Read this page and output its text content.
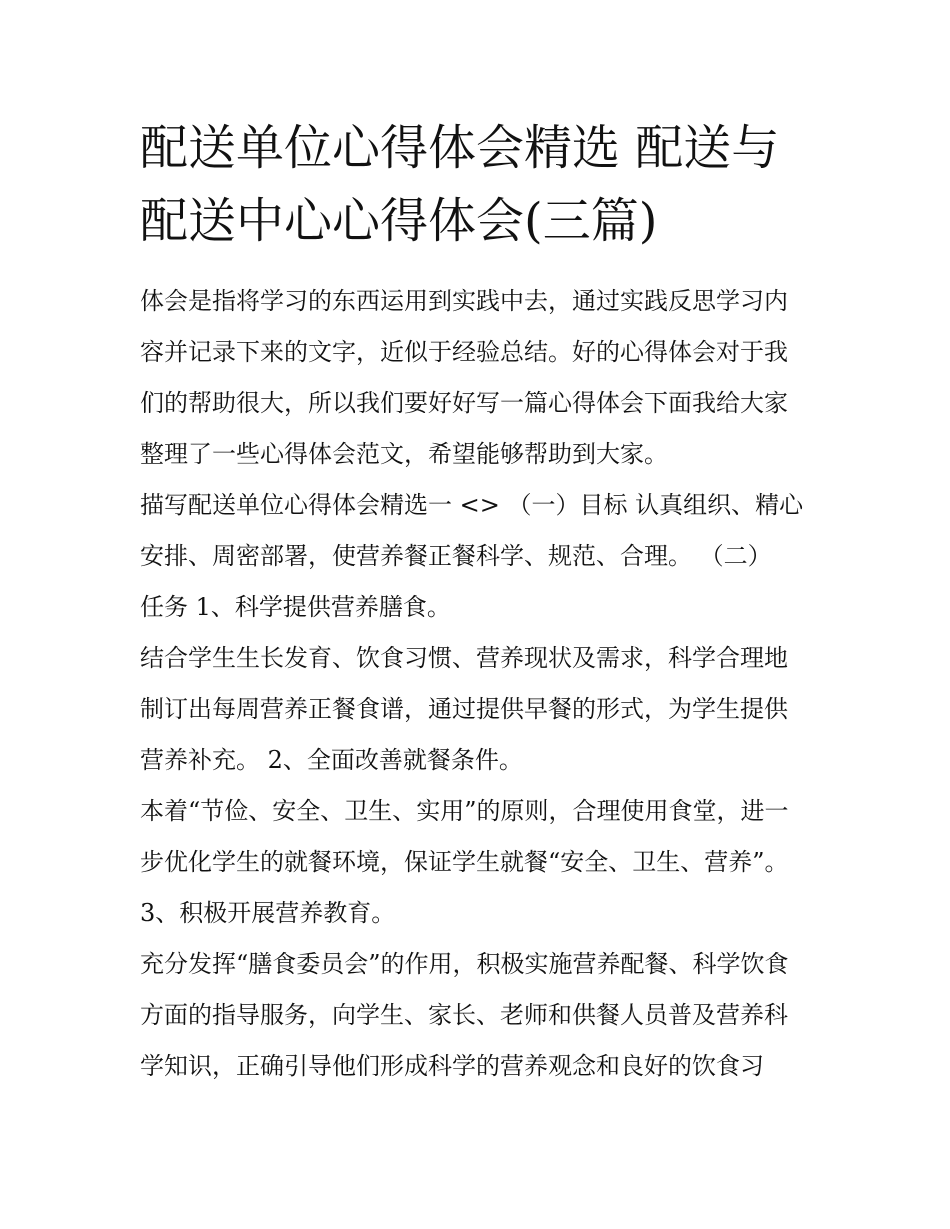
配送单位心得体会精选 配送与
配送中心心得体会(三篇)
体会是指将学习的东西运用到实践中去，通过实践反思学习内
容并记录下来的文字，近似于经验总结。好的心得体会对于我
们的帮助很大，所以我们要好好写一篇心得体会下面我给大家
整理了一些心得体会范文，希望能够帮助到大家。
描写配送单位心得体会精选一 <> （一）目标 认真组织、精心
安排、周密部署，使营养餐正餐科学、规范、合理。 （二）
任务 1、科学提供营养膳食。
结合学生生长发育、饮食习惯、营养现状及需求，科学合理地
制订出每周营养正餐食谱，通过提供早餐的形式，为学生提供
营养补充。 2、全面改善就餐条件。
本着“节俭、安全、卫生、实用”的原则，合理使用食堂，进一
步优化学生的就餐环境，保证学生就餐“安全、卫生、营养”。
3、积极开展营养教育。
充分发挥“膳食委员会”的作用，积极实施营养配餐、科学饮食
方面的指导服务，向学生、家长、老师和供餐人员普及营养科
学知识，正确引导他们形成科学的营养观念和良好的饮食习
